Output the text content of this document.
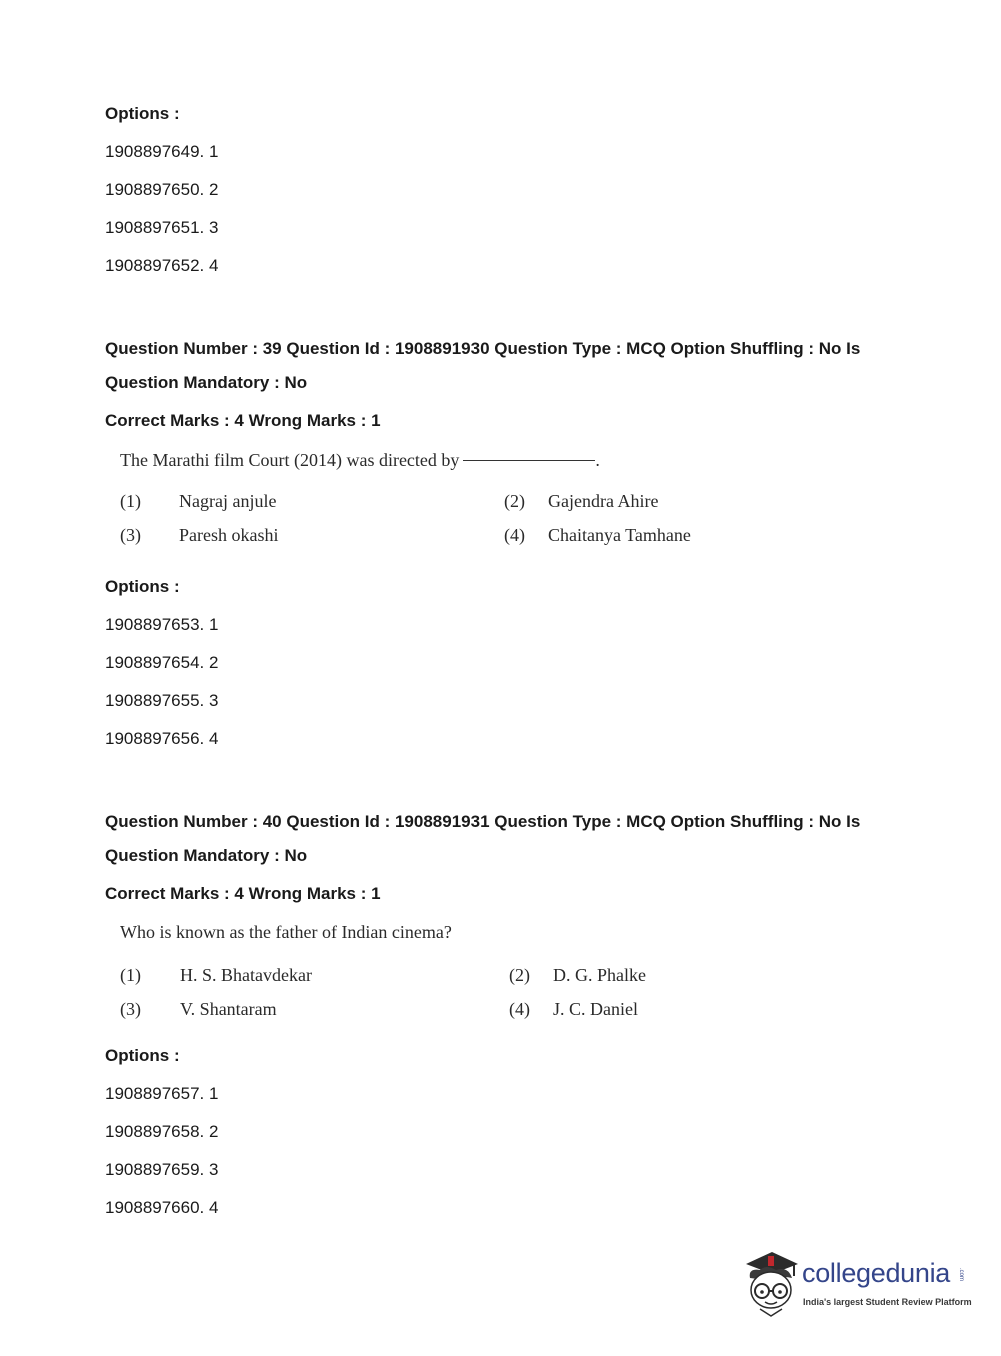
Options :
1908897649. 1
1908897650. 2
1908897651. 3
1908897652. 4
Question Number : 39 Question Id : 1908891930 Question Type : MCQ Option Shuffling : No Is
Question Mandatory : No
Correct Marks : 4 Wrong Marks : 1
The Marathi film Court (2014) was directed by	.
(1) Nagraj anjule	(2) Gajendra Ahire
(3) Paresh okashi	(4) Chaitanya Tamhane
Options :
1908897653. 1
1908897654. 2
1908897655. 3
1908897656. 4
Question Number : 40 Question Id : 1908891931 Question Type : MCQ Option Shuffling : No Is
Question Mandatory : No
Correct Marks : 4 Wrong Marks : 1
Who is known as the father of Indian cinema?
(1) H. S. Bhatavdekar	(2) D. G. Phalke
(3) V. Shantaram	(4) J. C. Daniel
Options :
1908897657. 1
1908897658. 2
1908897659. 3
1908897660. 4
collegedunia .com
India's largest Student Review Platform
